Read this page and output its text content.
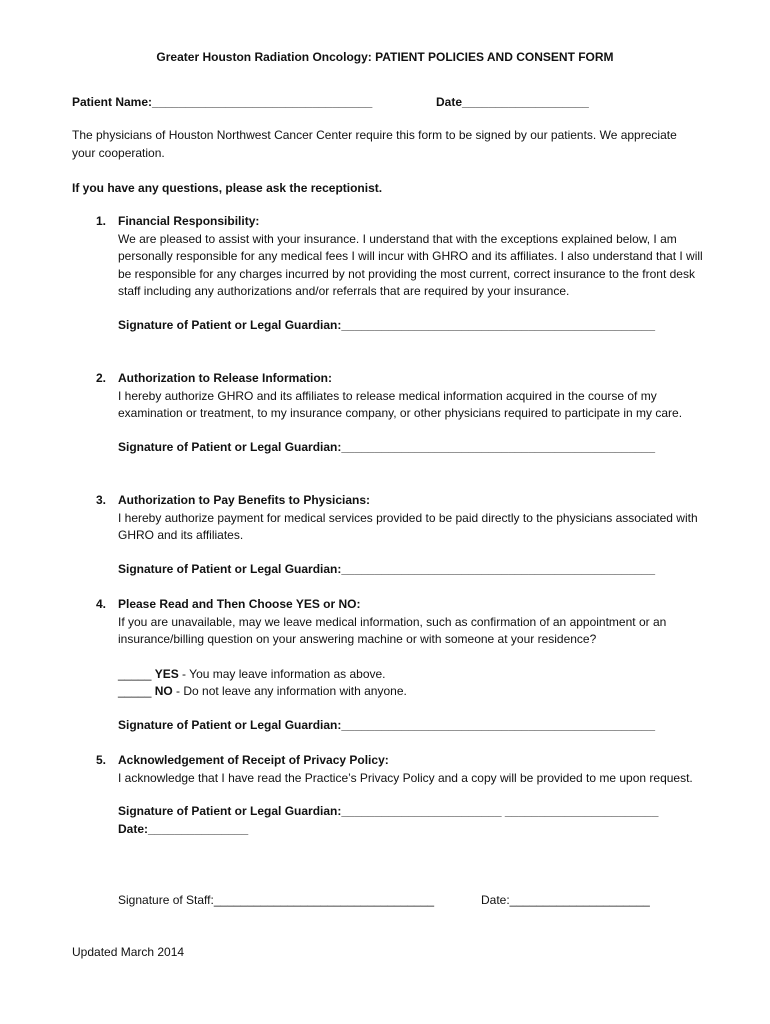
Greater Houston Radiation Oncology: PATIENT POLICIES AND CONSENT FORM
Patient Name:_________________________________	Date___________________

The physicians of Houston Northwest Cancer Center require this form to be signed by our patients. We appreciate your cooperation.

If you have any questions, please ask the receptionist.
1. Financial Responsibility:

We are pleased to assist with your insurance. I understand that with the exceptions explained below, I am personally responsible for any medical fees I will incur with GHRO and its affiliates. I also understand that I will be responsible for any charges incurred by not providing the most current, correct insurance to the front desk staff including any authorizations and/or referrals that are required by your insurance.

Signature of Patient or Legal Guardian:_______________________________________________

2. Authorization to Release Information:

I hereby authorize GHRO and its affiliates to release medical information acquired in the course of my examination or treatment, to my insurance company, or other physicians required to participate in my care.

Signature of Patient or Legal Guardian:_______________________________________________

3. Authorization to Pay Benefits to Physicians:

I hereby authorize payment for medical services provided to be paid directly to the physicians associated with GHRO and its affiliates.

Signature of Patient or Legal Guardian:_______________________________________________

4. Please Read and Then Choose YES or NO:

If you are unavailable, may we leave medical information, such as confirmation of an appointment or an insurance/billing question on your answering machine or with someone at your residence?

_____ YES - You may leave information as above.

_____ NO - Do not leave any information with anyone.

Signature of Patient or Legal Guardian:_______________________________________________

5. Acknowledgement of Receipt of Privacy Policy:

I acknowledge that I have read the Practice’s Privacy Policy and a copy will be provided to me upon request.

Signature of Patient or Legal Guardian:________________________ _______________________

Date:_______________

Signature of Staff:_________________________________	Date:_____________________
Updated March 2014
